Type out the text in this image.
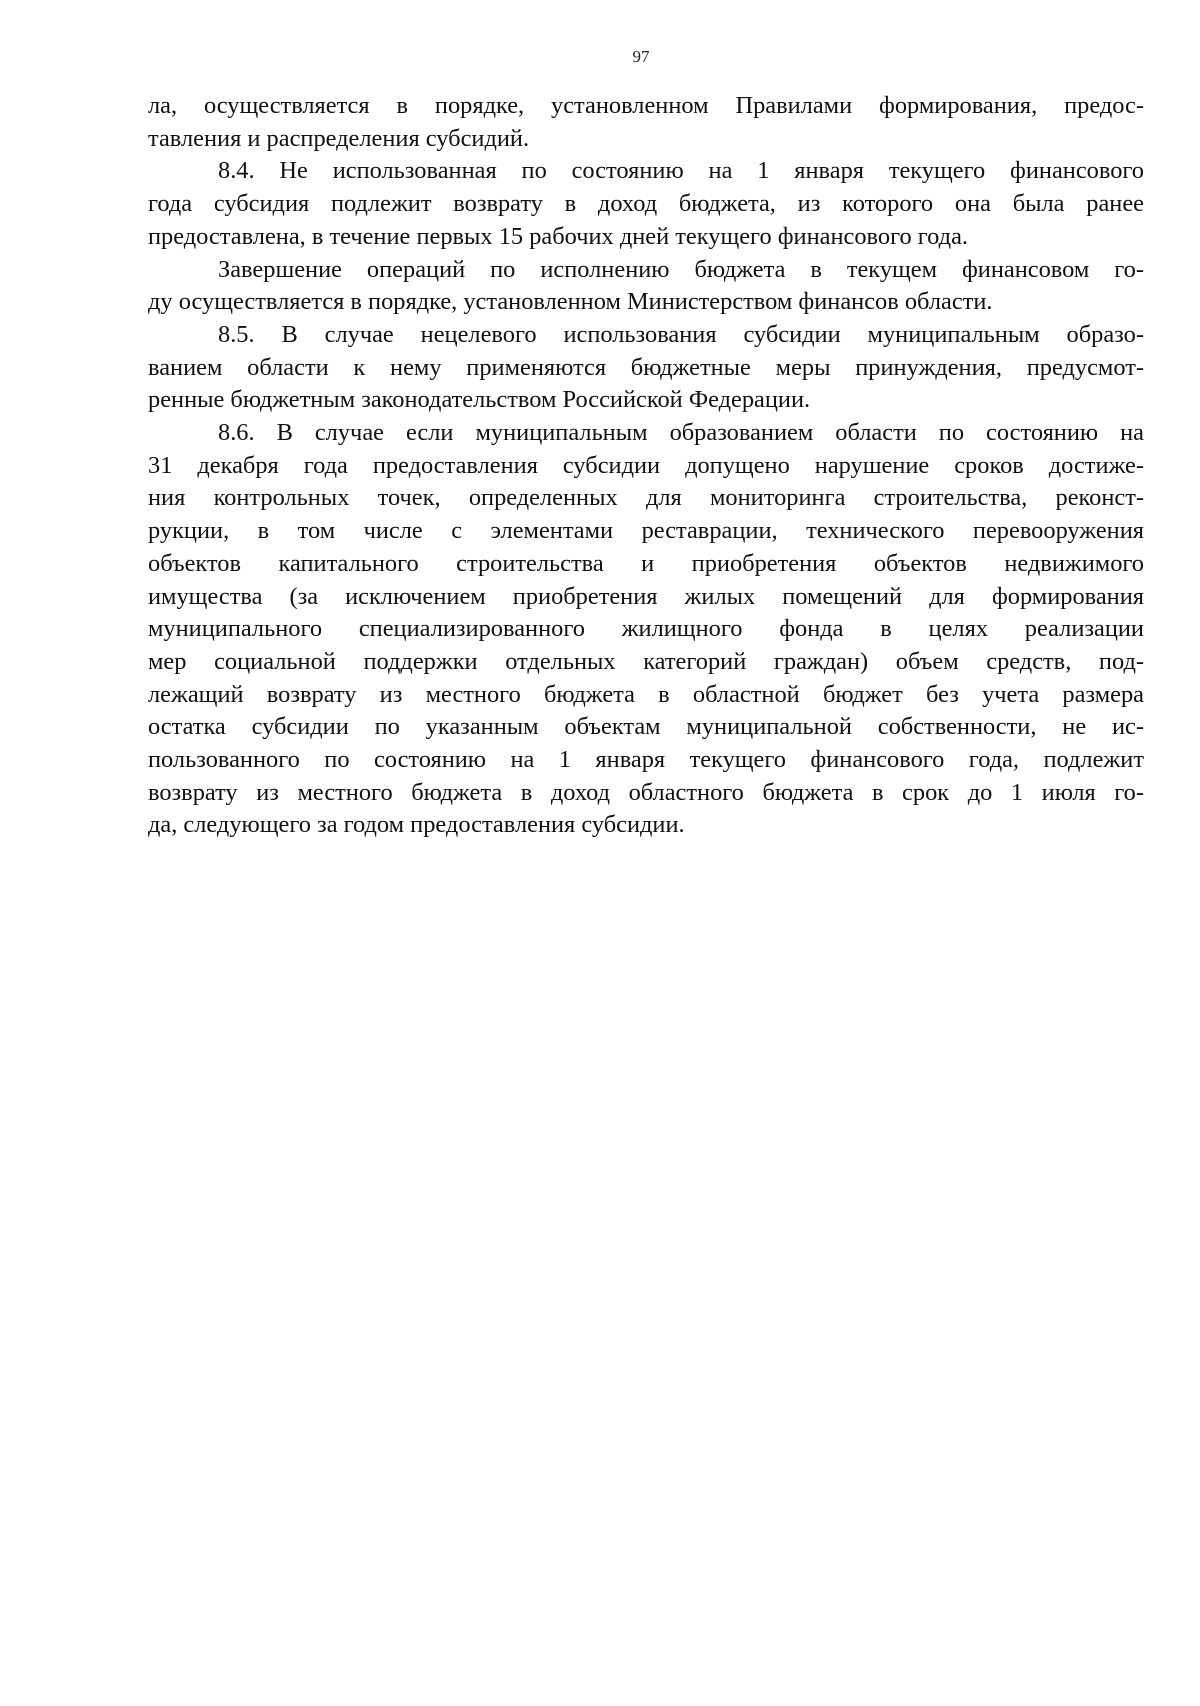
97
ла, осуществляется в порядке, установленном Правилами формирования, предос-
тавления и распределения субсидий.
8.4. Не использованная по состоянию на 1 января текущего финансового
года субсидия подлежит возврату в доход бюджета, из которого она была ранее
предоставлена, в течение первых 15 рабочих дней текущего финансового года.
Завершение операций по исполнению бюджета в текущем финансовом го-
ду осуществляется в порядке, установленном Министерством финансов области.
8.5. В случае нецелевого использования субсидии муниципальным образо-
ванием области к нему применяются бюджетные меры принуждения, предусмот-
ренные бюджетным законодательством Российской Федерации.
8.6. В случае если муниципальным образованием области по состоянию на
31 декабря года предоставления субсидии допущено нарушение сроков достиже-
ния контрольных точек, определенных для мониторинга строительства, реконст-
рукции, в том числе с элементами реставрации, технического перевооружения
объектов капитального строительства и приобретения объектов недвижимого
имущества (за исключением приобретения жилых помещений для формирования
муниципального специализированного жилищного фонда в целях реализации
мер социальной поддержки отдельных категорий граждан) объем средств, под-
лежащий возврату из местного бюджета в областной бюджет без учета размера
остатка субсидии по указанным объектам муниципальной собственности, не ис-
пользованного по состоянию на 1 января текущего финансового года, подлежит
возврату из местного бюджета в доход областного бюджета в срок до 1 июля го-
да, следующего за годом предоставления субсидии.
